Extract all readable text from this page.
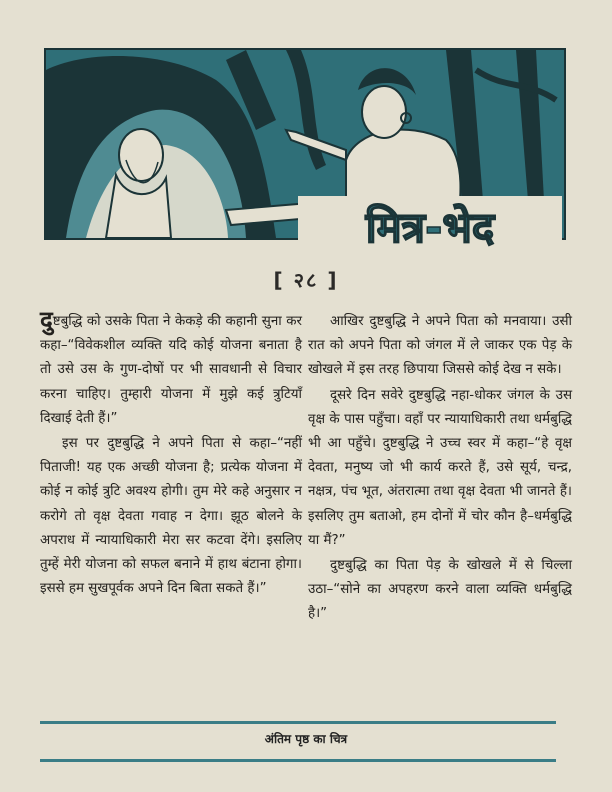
मित्र-भेद
[ २८ ]

दुष्टबुद्धि को उसके पिता ने केकड़े की कहानी सुना कर कहा–“विवेकशील व्यक्ति यदि कोई योजना बनाता है तो उसे उस के गुण-दोषों पर भी सावधानी से विचार करना चाहिए। तुम्हारी योजना में मुझे कई त्रुटियाँ दिखाई देती हैं।”

इस पर दुष्टबुद्धि ने अपने पिता से कहा–“नहीं पिताजी! यह एक अच्छी योजना है; प्रत्येक योजना में कोई न कोई त्रुटि अवश्य होगी। तुम मेरे कहे अनुसार न करोगे तो वृक्ष देवता गवाह न देगा। झूठ बोलने के अपराध में न्यायाधिकारी मेरा सर कटवा देंगे। इसलिए तुम्हें मेरी योजना को सफल बनाने में हाथ बंटाना होगा। इससे हम सुखपूर्वक अपने दिन बिता सकते हैं।”

आखिर दुष्टबुद्धि ने अपने पिता को मनवाया। उसी रात को अपने पिता को जंगल में ले जाकर एक पेड़ के खोखले में इस तरह छिपाया जिससे कोई देख न सके।

दूसरे दिन सवेरे दुष्टबुद्धि नहा-धोकर जंगल के उस वृक्ष के पास पहुँचा। वहाँ पर न्यायाधिकारी तथा धर्मबुद्धि भी आ पहुँचे। दुष्टबुद्धि ने उच्च स्वर में कहा–“हे वृक्ष देवता, मनुष्य जो भी कार्य करते हैं, उसे सूर्य, चन्द्र, नक्षत्र, पंच भूत, अंतरात्मा तथा वृक्ष देवता भी जानते हैं। इसलिए तुम बताओ, हम दोनों में चोर कौन है–धर्मबुद्धि या मैं?”

दुष्टबुद्धि का पिता पेड़ के खोखले में से चिल्ला उठा–“सोने का अपहरण करने वाला व्यक्ति धर्मबुद्धि है।”

अंतिम पृष्ठ का चित्र
